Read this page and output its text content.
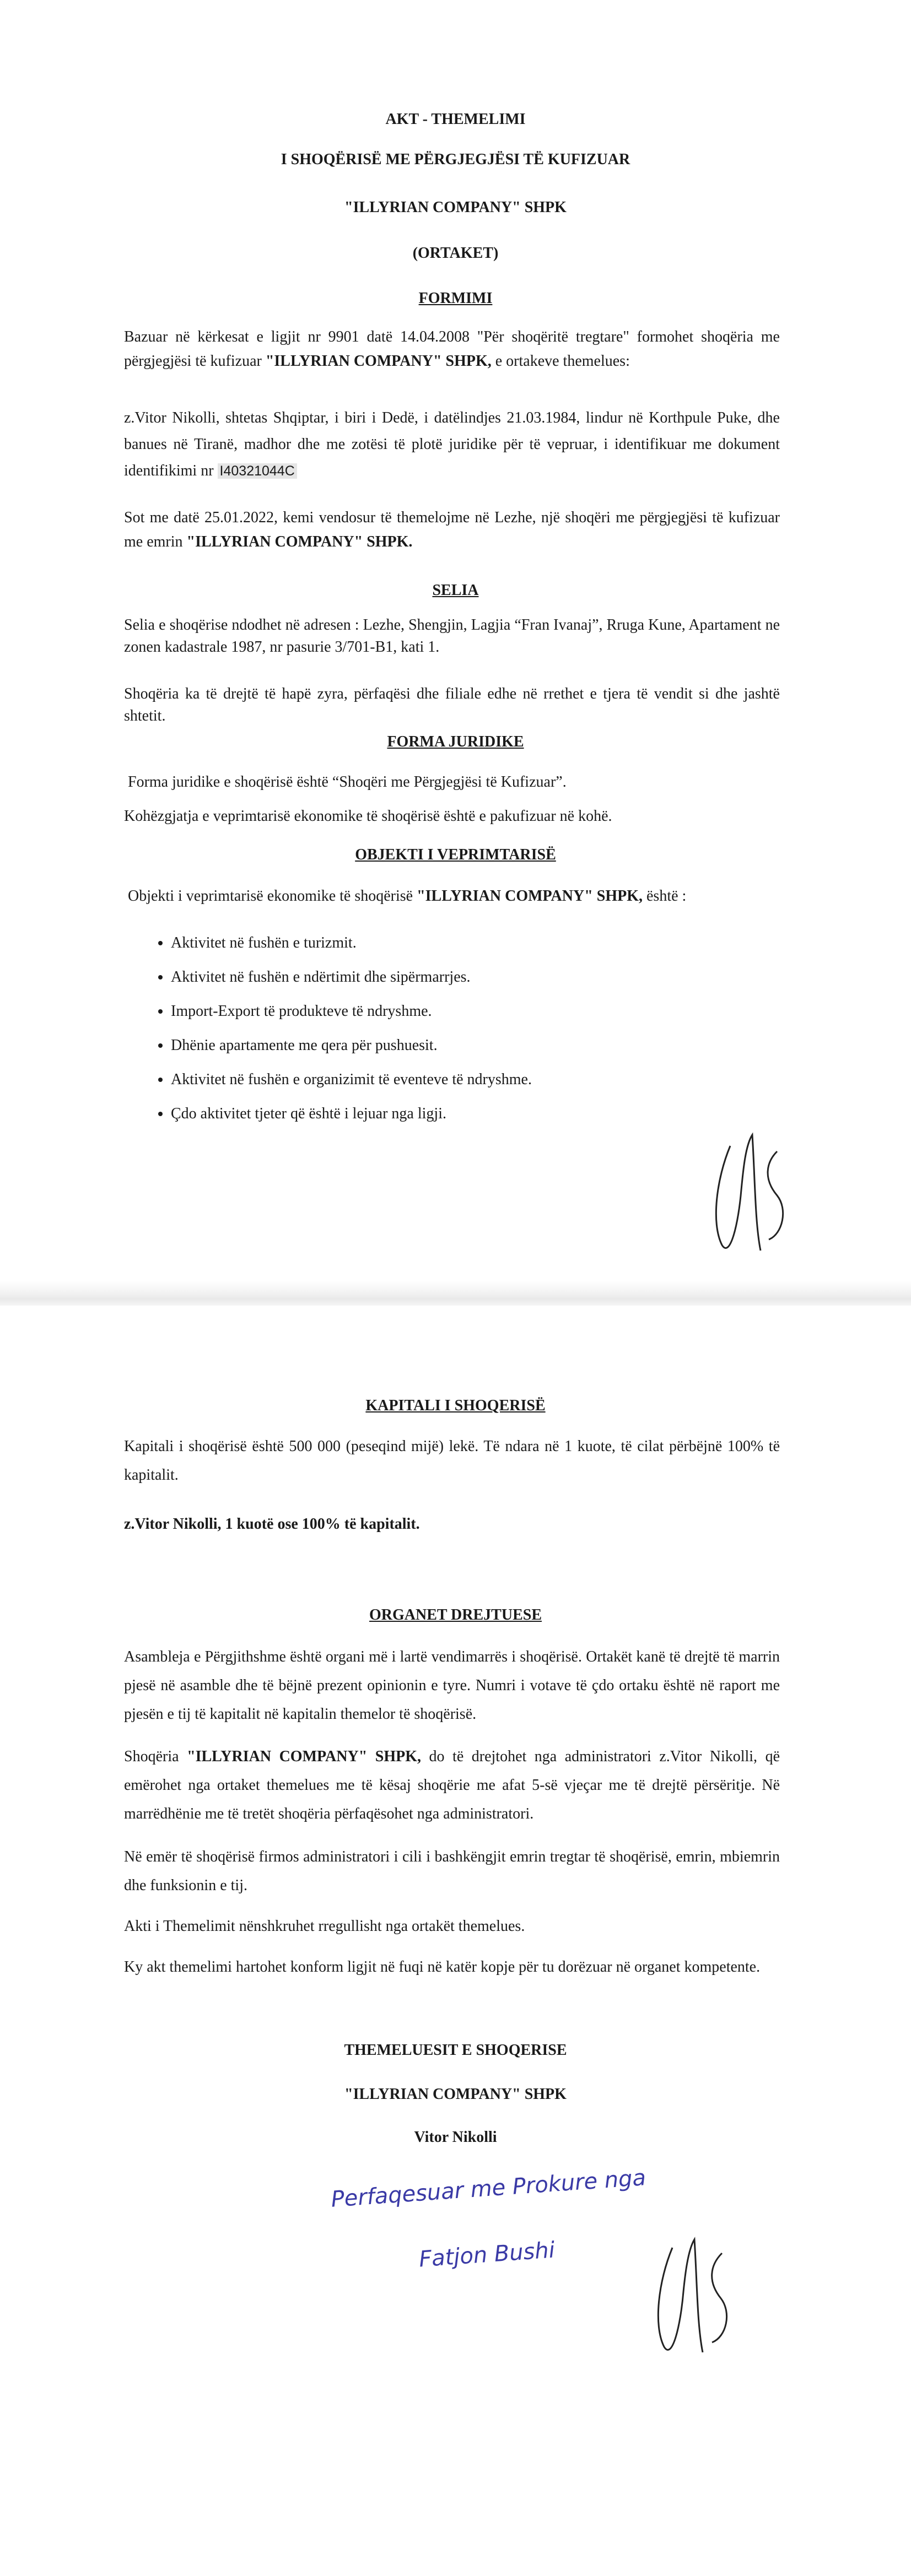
AKT - THEMELIMI

I SHOQËRISË ME PËRGJEGJËSI TË KUFIZUAR

"ILLYRIAN COMPANY" SHPK

(ORTAKET)

FORMIMI

Bazuar në kërkesat e ligjit nr 9901 datë 14.04.2008 "Për shoqëritë tregtare" formohet shoqëria me përgjegjësi të kufizuar "ILLYRIAN COMPANY" SHPK, e ortakeve themelues:

z.Vitor Nikolli, shtetas Shqiptar, i biri i Dedë, i datëlindjes 21.03.1984, lindur në Korthpule Puke, dhe banues në Tiranë, madhor dhe me zotësi të plotë juridike për të vepruar, i identifikuar me dokument identifikimi nr I40321044C

Sot me datë 25.01.2022, kemi vendosur të themelojme në Lezhe, një shoqëri me përgjegjësi të kufizuar me emrin "ILLYRIAN COMPANY" SHPK.

SELIA

Selia e shoqërise ndodhet në adresen : Lezhe, Shengjin, Lagjia “Fran Ivanaj”, Rruga Kune, Apartament ne zonen kadastrale 1987, nr pasurie 3/701-B1, kati 1.

Shoqëria ka të drejtë të hapë zyra, përfaqësi dhe filiale edhe në rrethet e tjera të vendit si dhe jashtë shtetit.

FORMA JURIDIKE

Forma juridike e shoqërisë është “Shoqëri me Përgjegjësi të Kufizuar”.

Kohëzgjatja e veprimtarisë ekonomike të shoqërisë është e pakufizuar në kohë.

OBJEKTI I VEPRIMTARISË

Objekti i veprimtarisë ekonomike të shoqërisë "ILLYRIAN COMPANY" SHPK, është :

• Aktivitet në fushën e turizmit.
• Aktivitet në fushën e ndërtimit dhe sipërmarrjes.
• Import-Export të produkteve të ndryshme.
• Dhënie apartamente me qera për pushuesit.
• Aktivitet në fushën e organizimit të eventeve të ndryshme.
• Çdo aktivitet tjeter që është i lejuar nga ligji.

KAPITALI I SHOQERISË

Kapitali i shoqërisë është 500 000 (peseqind mijë) lekë. Të ndara në 1 kuote, të cilat përbëjnë 100% të kapitalit.

z.Vitor Nikolli, 1 kuotë ose 100% të kapitalit.

ORGANET DREJTUESE

Asambleja e Përgjithshme është organi më i lartë vendimarrës i shoqërisë. Ortakët kanë të drejtë të marrin pjesë në asamble dhe të bëjnë prezent opinionin e tyre. Numri i votave të çdo ortaku është në raport me pjesën e tij të kapitalit në kapitalin themelor të shoqërisë.

Shoqëria "ILLYRIAN COMPANY" SHPK, do të drejtohet nga administratori z.Vitor Nikolli, që emërohet nga ortaket themelues me të kësaj shoqërie me afat 5-së vjeçar me të drejtë përsëritje. Në marrëdhënie me të tretët shoqëria përfaqësohet nga administratori.

Në emër të shoqërisë firmos administratori i cili i bashkëngjit emrin tregtar të shoqërisë, emrin, mbiemrin dhe funksionin e tij.

Akti i Themelimit nënshkruhet rregullisht nga ortakët themelues.

Ky akt themelimi hartohet konform ligjit në fuqi në katër kopje për tu dorëzuar në organet kompetente.

THEMELUESIT E SHOQERISE

"ILLYRIAN COMPANY" SHPK

Vitor Nikolli

Perfaqesuar me Prokure nga
Fatjon Bushi
